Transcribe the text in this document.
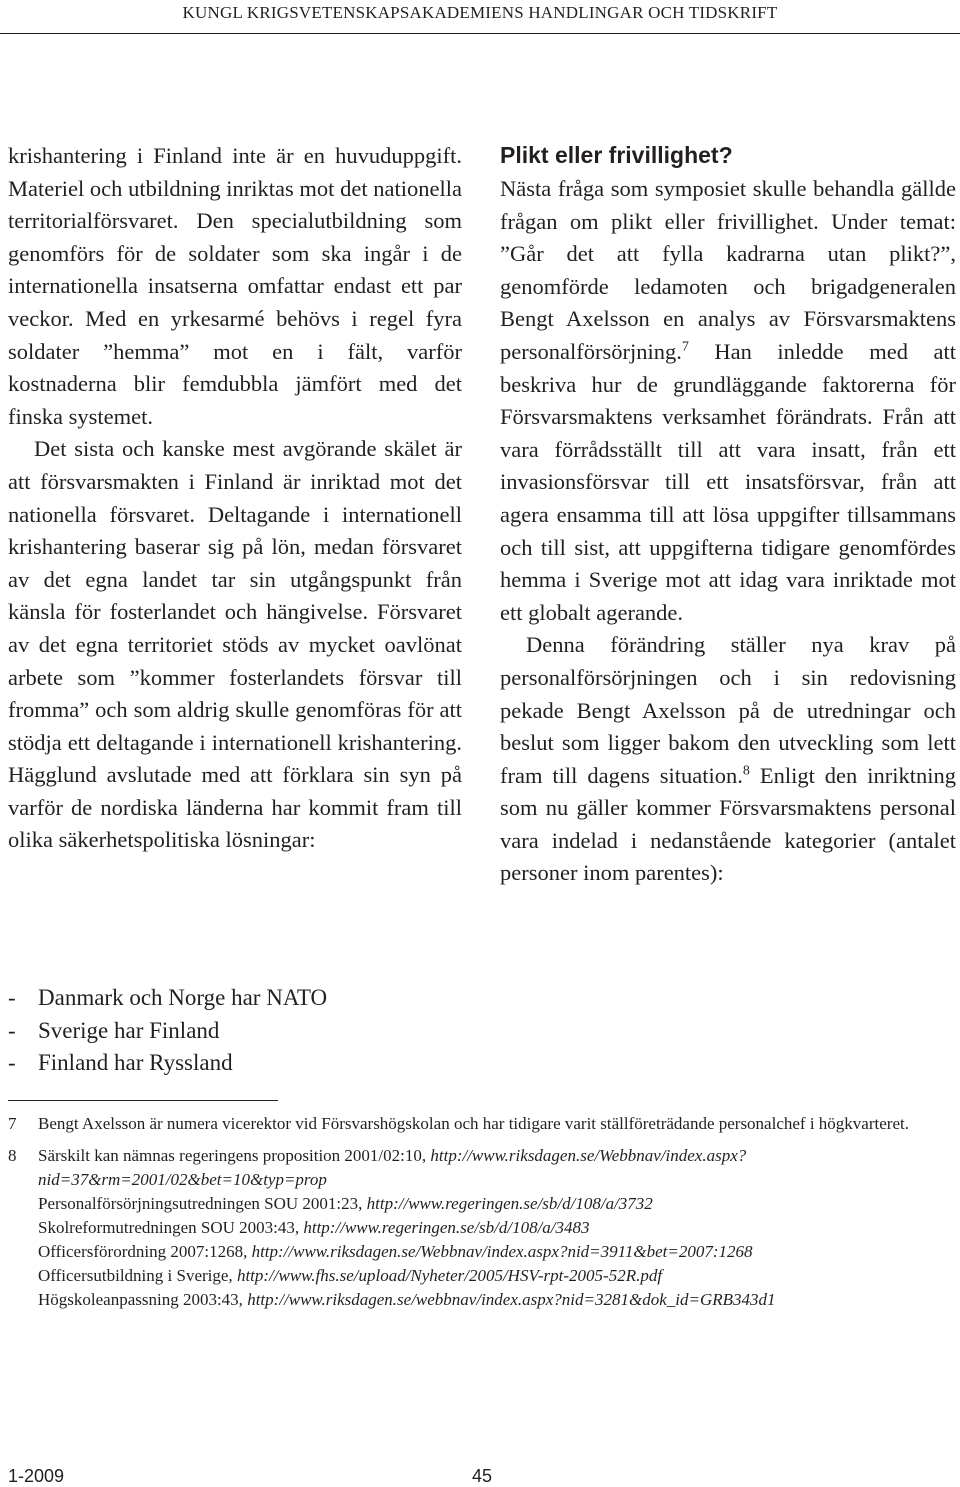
KUNGL KRIGSVETENSKAPSAKADEMIENS HANDLINGAR OCH TIDSKRIFT

krishantering i Finland inte är en huvuduppgift. Materiel och utbildning inriktas mot det nationella territorialförsvaret. Den specialutbildning som genomförs för de soldater som ska ingår i de internationella insatserna omfattar endast ett par veckor. Med en yrkesarmé behövs i regel fyra soldater ”hemma” mot en i fält, varför kostnaderna blir femdubbla jämfört med det finska systemet.

Det sista och kanske mest avgörande skälet är att försvarsmakten i Finland är inriktad mot det nationella försvaret. Deltagande i internationell krishantering baserar sig på lön, medan försvaret av det egna landet tar sin utgångspunkt från känsla för fosterlandet och hängivelse. Försvaret av det egna territoriet stöds av mycket oavlönat arbete som ”kommer fosterlandets försvar till fromma” och som aldrig skulle genomföras för att stödja ett deltagande i internationell krishantering. Hägglund avslutade med att förklara sin syn på varför de nordiska länderna har kommit fram till olika säkerhetspolitiska lösningar:

- Danmark och Norge har NATO
- Sverige har Finland
- Finland har Ryssland
Plikt eller frivillighet?

Nästa fråga som symposiet skulle behandla gällde frågan om plikt eller frivillighet. Under temat: ”Går det att fylla kadrarna utan plikt?”, genomförde ledamoten och brigadgeneralen Bengt Axelsson en analys av Försvarsmaktens personalförsörjning.$^7$ Han inledde med att beskriva hur de grundläggande faktorerna för Försvarsmaktens verksamhet förändrats. Från att vara förrådsställt till att vara insatt, från ett invasionsförsvar till ett insatsförsvar, från att agera ensamma till att lösa uppgifter tillsammans och till sist, att uppgifterna tidigare genomfördes hemma i Sverige mot att idag vara inriktade mot ett globalt agerande.

Denna förändring ställer nya krav på personalförsörjningen och i sin redovisning pekade Bengt Axelsson på de utredningar och beslut som ligger bakom den utveckling som lett fram till dagens situation.$^8$ Enligt den inriktning som nu gäller kommer Försvarsmaktens personal vara indelad i nedanstående kategorier (antalet personer inom parentes):

7	Bengt Axelsson är numera vicerektor vid Försvarshögskolan och har tidigare varit ställföreträdande personalchef i högkvarteret.
8	Särskilt kan nämnas regeringens proposition 2001/02:10, http://www.riksdagen.se/Webbnav/index.aspx?nid=37&rm=2001/02&bet=10&typ=prop
Personalförsörjningsutredningen SOU 2001:23, http://www.regeringen.se/sb/d/108/a/3732
Skolreformutredningen SOU 2003:43, http://www.regeringen.se/sb/d/108/a/3483
Officersförordning 2007:1268, http://www.riksdagen.se/Webbnav/index.aspx?nid=3911&bet=2007:1268
Officersutbildning i Sverige, http://www.fhs.se/upload/Nyheter/2005/HSV-rpt-2005-52R.pdf
Högskoleanpassning 2003:43, http://www.riksdagen.se/webbnav/index.aspx?nid=3281&dok_id=GRB343d1
1-2009	45
